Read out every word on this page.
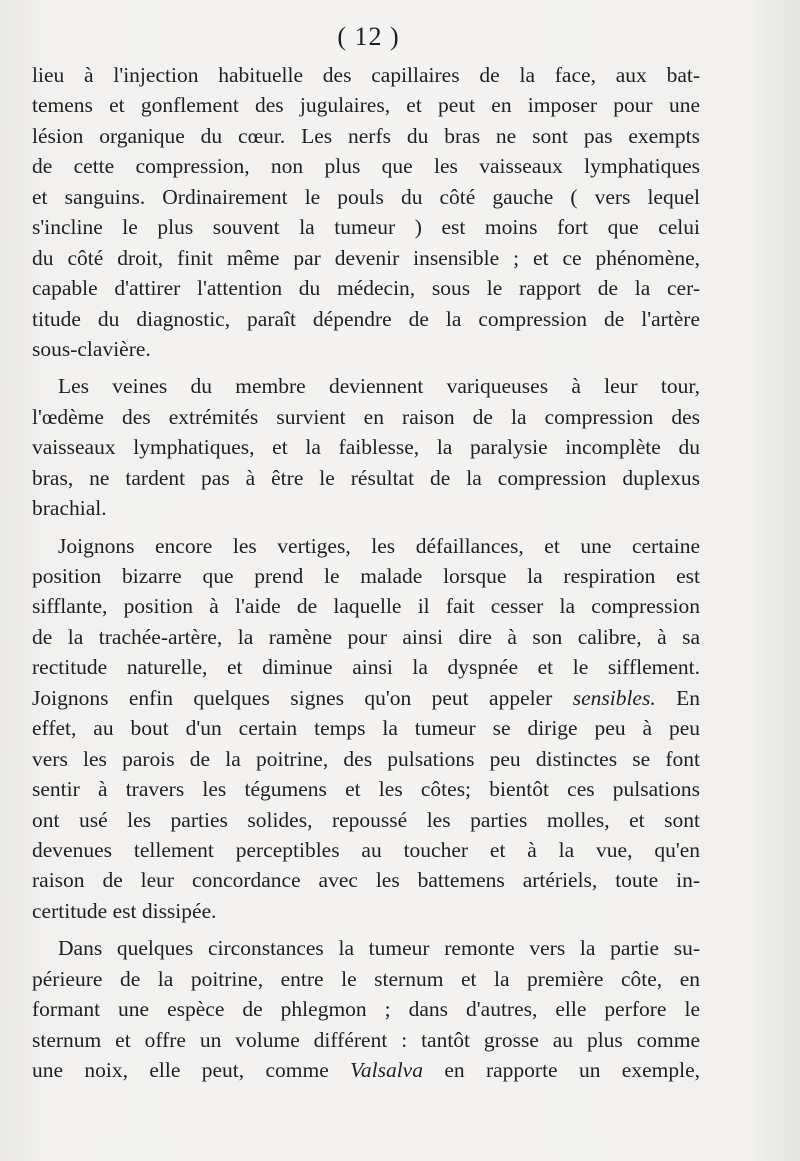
( 12 )
lieu à l'injection habituelle des capillaires de la face, aux bat-
temens et gonflement des jugulaires, et peut en imposer pour une
lésion organique du cœur. Les nerfs du bras ne sont pas exempts
de cette compression, non plus que les vaisseaux lymphatiques
et sanguins. Ordinairement le pouls du côté gauche ( vers lequel
s'incline le plus souvent la tumeur ) est moins fort que celui
du côté droit, finit même par devenir insensible ; et ce phénomène,
capable d'attirer l'attention du médecin, sous le rapport de la cer-
titude du diagnostic, paraît dépendre de la compression de l'artère
sous-clavière.
Les veines du membre deviennent variqueuses à leur tour,
l'œdème des extrémités survient en raison de la compression des
vaisseaux lymphatiques, et la faiblesse, la paralysie incomplète du
bras, ne tardent pas à être le résultat de la compression duplexus
brachial.
Joignons encore les vertiges, les défaillances, et une certaine
position bizarre que prend le malade lorsque la respiration est
sifflante, position à l'aide de laquelle il fait cesser la compression
de la trachée-artère, la ramène pour ainsi dire à son calibre, à sa
rectitude naturelle, et diminue ainsi la dyspnée et le sifflement.
Joignons enfin quelques signes qu'on peut appeler sensibles. En
effet, au bout d'un certain temps la tumeur se dirige peu à peu
vers les parois de la poitrine, des pulsations peu distinctes se font
sentir à travers les tégumens et les côtes; bientôt ces pulsations
ont usé les parties solides, repoussé les parties molles, et sont
devenues tellement perceptibles au toucher et à la vue, qu'en
raison de leur concordance avec les battemens artériels, toute in-
certitude est dissipée.
Dans quelques circonstances la tumeur remonte vers la partie su-
périeure de la poitrine, entre le sternum et la première côte, en
formant une espèce de phlegmon ; dans d'autres, elle perfore le
sternum et offre un volume différent : tantôt grosse au plus comme
une noix, elle peut, comme Valsalva en rapporte un exemple,
